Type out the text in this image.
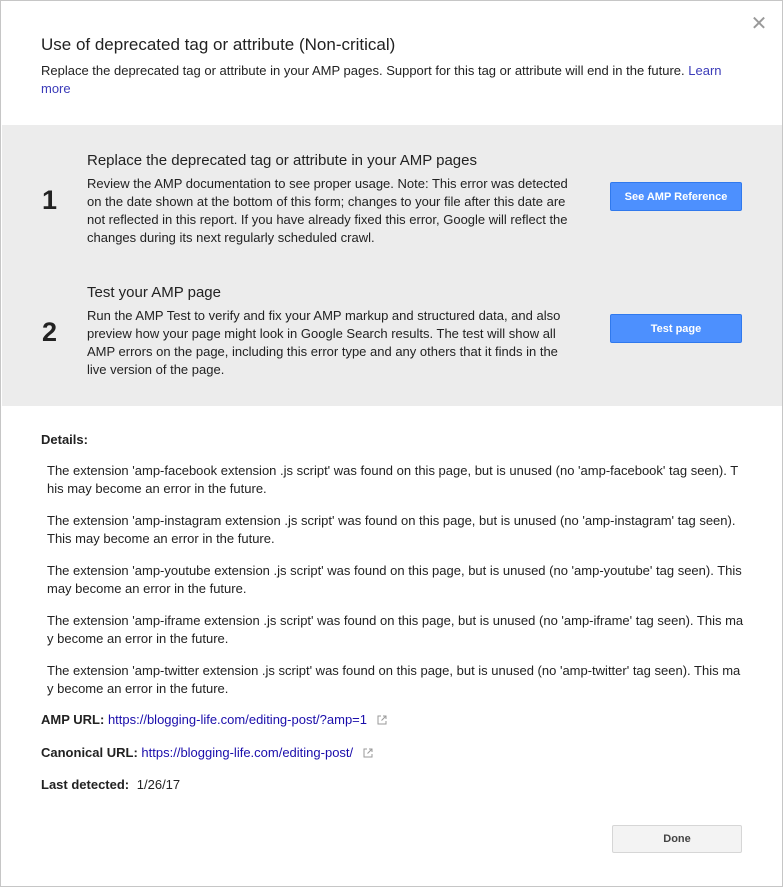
✕
Use of deprecated tag or attribute (Non-critical)
Replace the deprecated tag or attribute in your AMP pages. Support for this tag or attribute will end in the future. Learn more
1
Replace the deprecated tag or attribute in your AMP pages
Review the AMP documentation to see proper usage. Note: This error was detected on the date shown at the bottom of this form; changes to your file after this date are not reflected in this report. If you have already fixed this error, Google will reflect the changes during its next regularly scheduled crawl.
See AMP Reference
2
Test your AMP page
Run the AMP Test to verify and fix your AMP markup and structured data, and also preview how your page might look in Google Search results. The test will show all AMP errors on the page, including this error type and any others that it finds in the live version of the page.
Test page
Details:
The extension 'amp-facebook extension .js script' was found on this page, but is unused (no 'amp-facebook' tag seen). This may become an error in the future.
The extension 'amp-instagram extension .js script' was found on this page, but is unused (no 'amp-instagram' tag seen). This may become an error in the future.
The extension 'amp-youtube extension .js script' was found on this page, but is unused (no 'amp-youtube' tag seen). This may become an error in the future.
The extension 'amp-iframe extension .js script' was found on this page, but is unused (no 'amp-iframe' tag seen). This may become an error in the future.
The extension 'amp-twitter extension .js script' was found on this page, but is unused (no 'amp-twitter' tag seen). This may become an error in the future.
AMP URL: https://blogging-life.com/editing-post/?amp=1
Canonical URL: https://blogging-life.com/editing-post/
Last detected: 1/26/17
Done
